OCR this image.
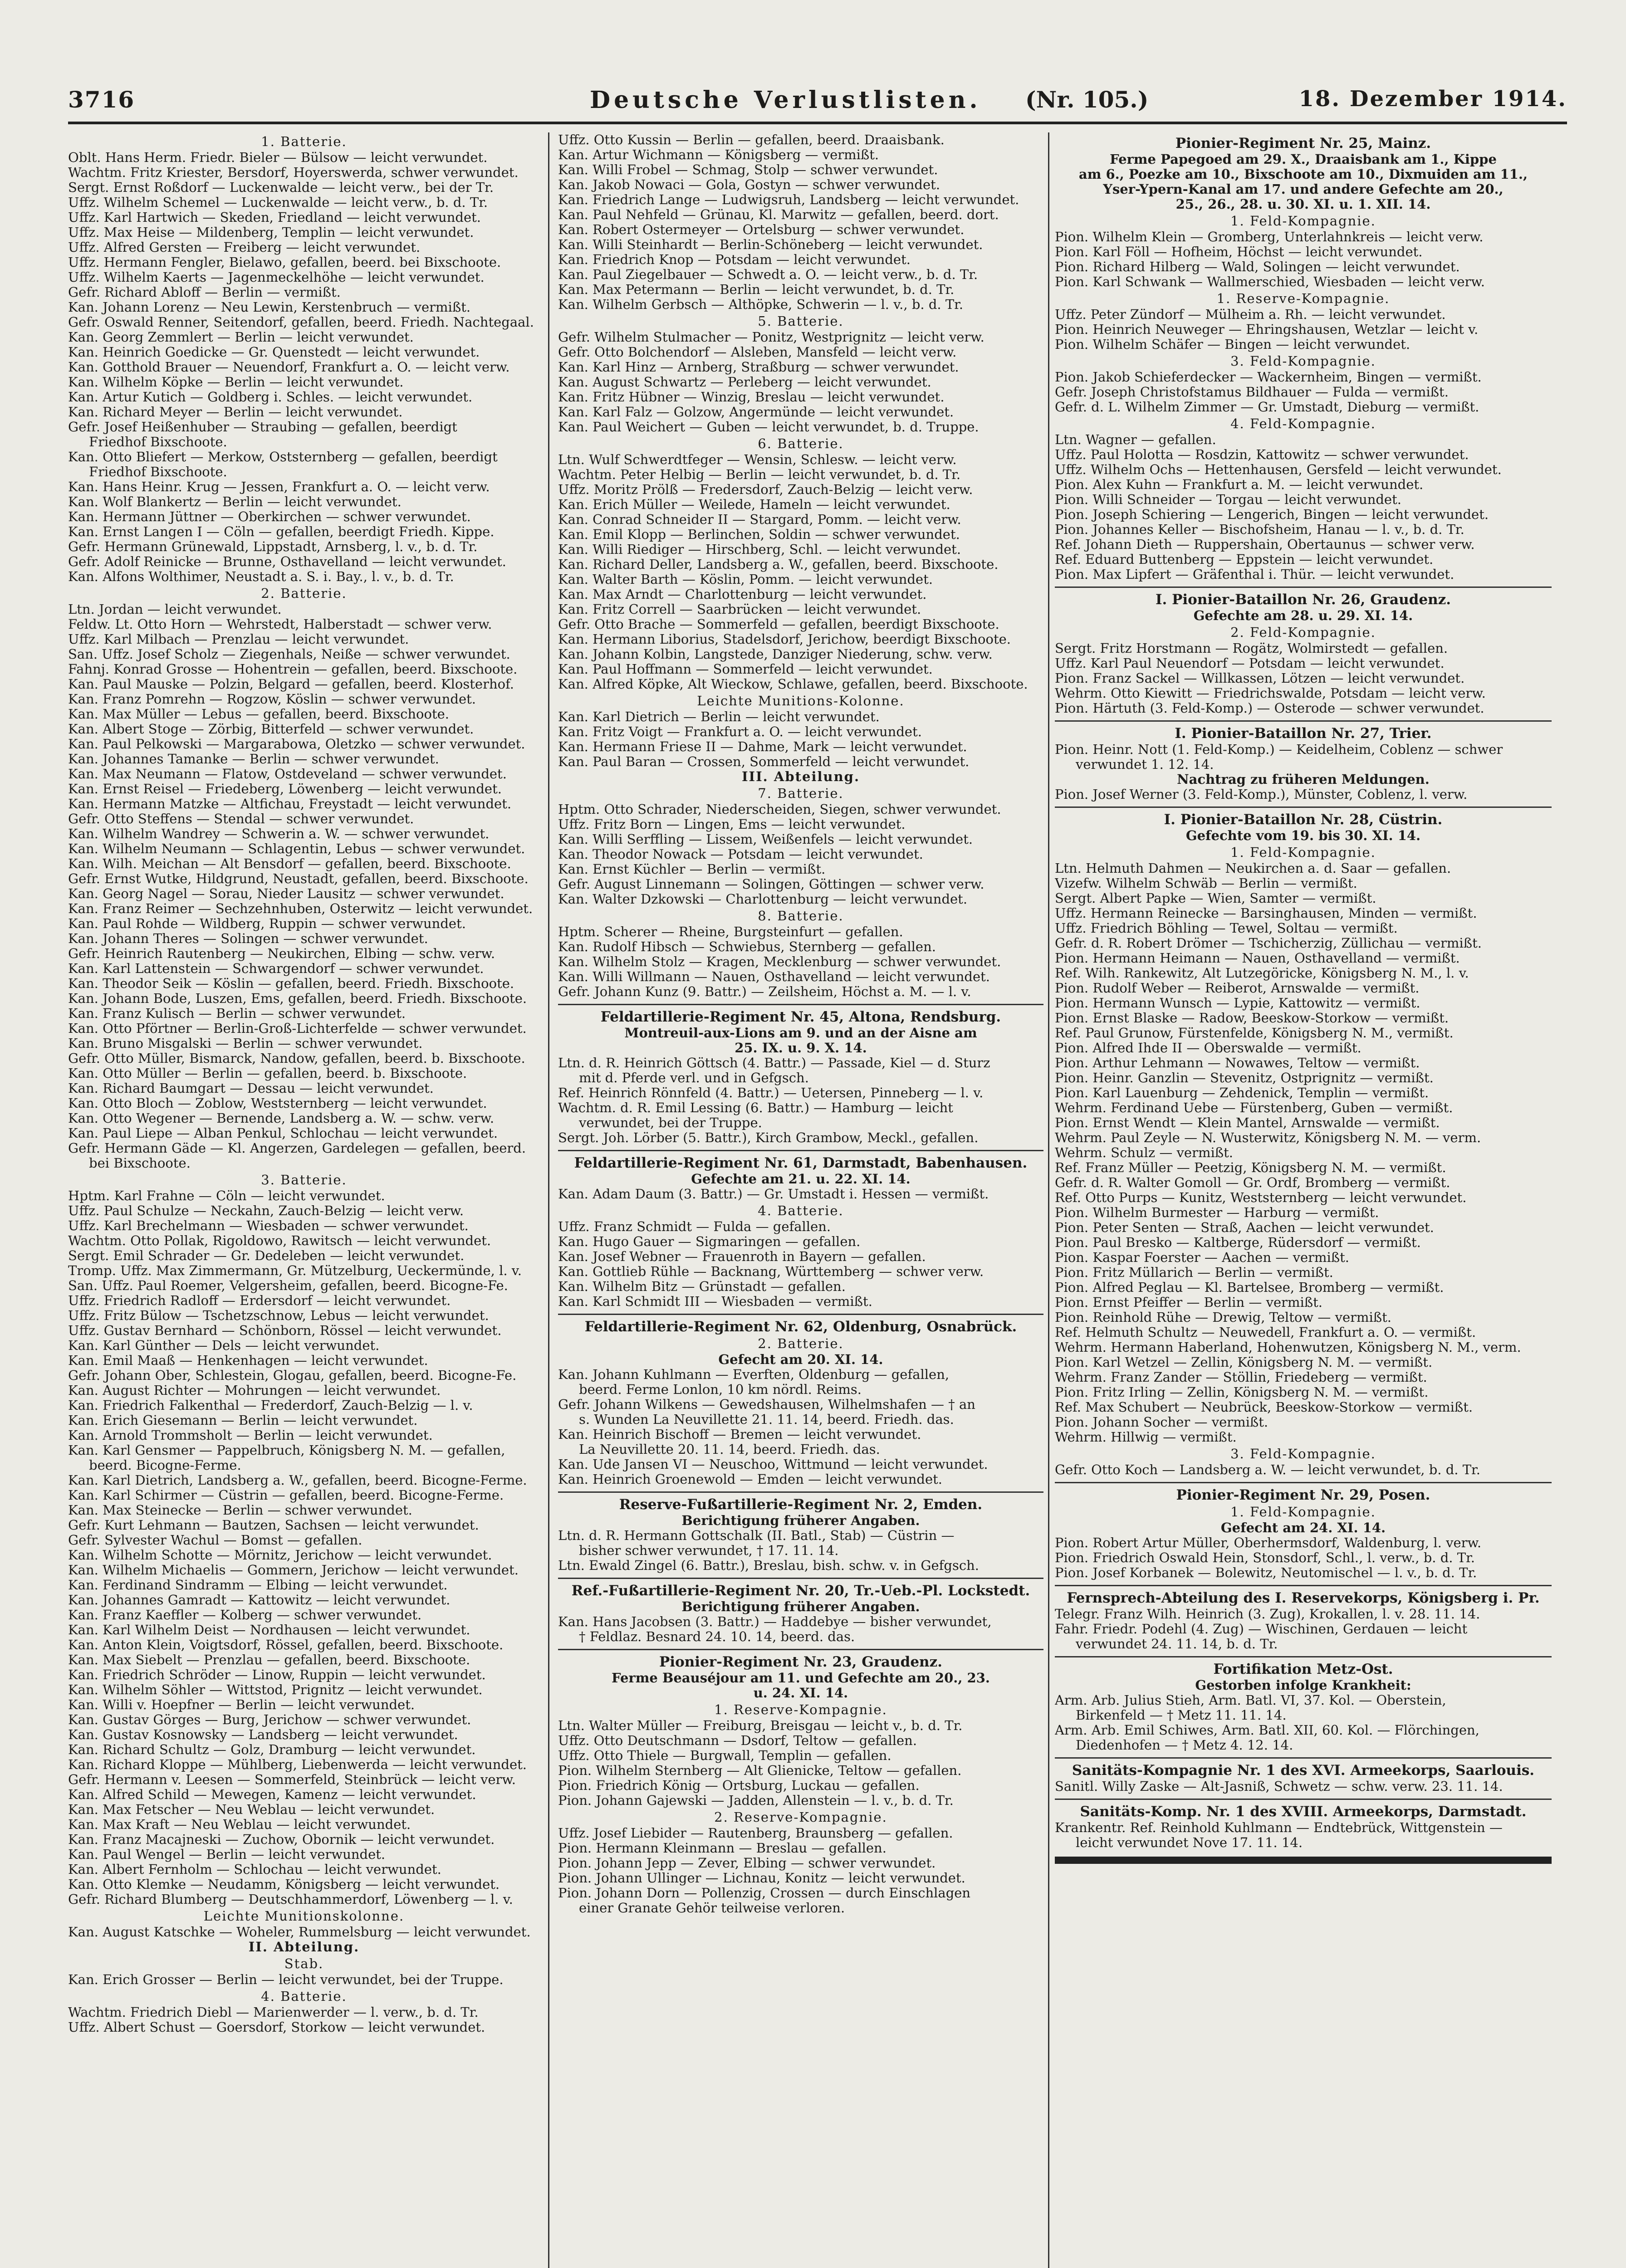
3716	Deutsche Verlustlisten. (Nr. 105.)	18. Dezember 1914.
1. Batterie.
Oblt. Hans Herm. Friedr. Bieler — Bülsow — leicht verwundet.
Wachtm. Fritz Kriester, Bersdorf, Hoyerswerda, schwer verwundet.
Sergt. Ernst Roßdorf — Luckenwalde — leicht verw., bei der Tr.
Uffz. Wilhelm Schemel — Luckenwalde — leicht verw., b. d. Tr.
Uffz. Karl Hartwich — Skeden, Friedland — leicht verwundet.
Uffz. Max Heise — Mildenberg, Templin — leicht verwundet.
Uffz. Alfred Gersten — Freiberg — leicht verwundet.
Uffz. Hermann Fengler, Bielawo, gefallen, beerd. bei Bixschoote.
Uffz. Wilhelm Kaerts — Jagenmeckelhöhe — leicht verwundet.
Gefr. Richard Abloff — Berlin — vermißt.
Kan. Johann Lorenz — Neu Lewin, Kerstenbruch — vermißt.
Gefr. Oswald Renner, Seitendorf, gefallen, beerd. Friedh. Nachtegaal.
Kan. Georg Zemmlert — Berlin — leicht verwundet.
Kan. Heinrich Goedicke — Gr. Quenstedt — leicht verwundet.
Kan. Gotthold Brauer — Neuendorf, Frankfurt a. O. — leicht verw.
Kan. Wilhelm Köpke — Berlin — leicht verwundet.
Kan. Artur Kutich — Goldberg i. Schles. — leicht verwundet.
Kan. Richard Meyer — Berlin — leicht verwundet.
Gefr. Josef Heißenhuber — Straubing — gefallen, beerdigt
Friedhof Bixschoote.
Kan. Otto Bliefert — Merkow, Oststernberg — gefallen, beerdigt
Friedhof Bixschoote.
Kan. Hans Heinr. Krug — Jessen, Frankfurt a. O. — leicht verw.
Kan. Wolf Blankertz — Berlin — leicht verwundet.
Kan. Hermann Jüttner — Oberkirchen — schwer verwundet.
Kan. Ernst Langen I — Cöln — gefallen, beerdigt Friedh. Kippe.
Gefr. Hermann Grünewald, Lippstadt, Arnsberg, l. v., b. d. Tr.
Gefr. Adolf Reinicke — Brunne, Osthavelland — leicht verwundet.
Kan. Alfons Wolthimer, Neustadt a. S. i. Bay., l. v., b. d. Tr.
2. Batterie.
Ltn. Jordan — leicht verwundet.
Feldw. Lt. Otto Horn — Wehrstedt, Halberstadt — schwer verw.
Uffz. Karl Milbach — Prenzlau — leicht verwundet.
San. Uffz. Josef Scholz — Ziegenhals, Neiße — schwer verwundet.
Fahnj. Konrad Grosse — Hohentrein — gefallen, beerd. Bixschoote.
Kan. Paul Mauske — Polzin, Belgard — gefallen, beerd. Klosterhof.
Kan. Franz Pomrehn — Rogzow, Köslin — schwer verwundet.
Kan. Max Müller — Lebus — gefallen, beerd. Bixschoote.
Kan. Albert Stoge — Zörbig, Bitterfeld — schwer verwundet.
Kan. Paul Pelkowski — Margarabowa, Oletzko — schwer verwundet.
Kan. Johannes Tamanke — Berlin — schwer verwundet.
Kan. Max Neumann — Flatow, Ostdeveland — schwer verwundet.
Kan. Ernst Reisel — Friedeberg, Löwenberg — leicht verwundet.
Kan. Hermann Matzke — Altfichau, Freystadt — leicht verwundet.
Gefr. Otto Steffens — Stendal — schwer verwundet.
Kan. Wilhelm Wandrey — Schwerin a. W. — schwer verwundet.
Kan. Wilhelm Neumann — Schlagentin, Lebus — schwer verwundet.
Kan. Wilh. Meichan — Alt Bensdorf — gefallen, beerd. Bixschoote.
Gefr. Ernst Wutke, Hildgrund, Neustadt, gefallen, beerd. Bixschoote.
Kan. Georg Nagel — Sorau, Nieder Lausitz — schwer verwundet.
Kan. Franz Reimer — Sechzehnhuben, Osterwitz — leicht verwundet.
Kan. Paul Rohde — Wildberg, Ruppin — schwer verwundet.
Kan. Johann Theres — Solingen — schwer verwundet.
Gefr. Heinrich Rautenberg — Neukirchen, Elbing — schw. verw.
Kan. Karl Lattenstein — Schwargendorf — schwer verwundet.
Kan. Theodor Seik — Köslin — gefallen, beerd. Friedh. Bixschoote.
Kan. Johann Bode, Luszen, Ems, gefallen, beerd. Friedh. Bixschoote.
Kan. Franz Kulisch — Berlin — schwer verwundet.
Kan. Otto Pförtner — Berlin-Groß-Lichterfelde — schwer verwundet.
Kan. Bruno Misgalski — Berlin — schwer verwundet.
Gefr. Otto Müller, Bismarck, Nandow, gefallen, beerd. b. Bixschoote.
Kan. Otto Müller — Berlin — gefallen, beerd. b. Bixschoote.
Kan. Richard Baumgart — Dessau — leicht verwundet.
Kan. Otto Bloch — Zoblow, Weststernberg — leicht verwundet.
Kan. Otto Wegener — Bernende, Landsberg a. W. — schw. verw.
Kan. Paul Liepe — Alban Penkul, Schlochau — leicht verwundet.
Gefr. Hermann Gäde — Kl. Angerzen, Gardelegen — gefallen, beerd.
bei Bixschoote.
3. Batterie.
Hptm. Karl Frahne — Cöln — leicht verwundet.
Uffz. Paul Schulze — Neckahn, Zauch-Belzig — leicht verw.
Uffz. Karl Brechelmann — Wiesbaden — schwer verwundet.
Wachtm. Otto Pollak, Rigoldowo, Rawitsch — leicht verwundet.
Sergt. Emil Schrader — Gr. Dedeleben — leicht verwundet.
Tromp. Uffz. Max Zimmermann, Gr. Mützelburg, Ueckermünde, l. v.
San. Uffz. Paul Roemer, Velgersheim, gefallen, beerd. Bicogne-Fe.
Uffz. Friedrich Radloff — Erdersdorf — leicht verwundet.
Uffz. Fritz Bülow — Tschetzschnow, Lebus — leicht verwundet.
Uffz. Gustav Bernhard — Schönborn, Rössel — leicht verwundet.
Kan. Karl Günther — Dels — leicht verwundet.
Kan. Emil Maaß — Henkenhagen — leicht verwundet.
Gefr. Johann Ober, Schlestein, Glogau, gefallen, beerd. Bicogne-Fe.
Kan. August Richter — Mohrungen — leicht verwundet.
Kan. Friedrich Falkenthal — Frederdorf, Zauch-Belzig — l. v.
Kan. Erich Giesemann — Berlin — leicht verwundet.
Kan. Arnold Trommsholt — Berlin — leicht verwundet.
Kan. Karl Gensmer — Pappelbruch, Königsberg N. M. — gefallen,
beerd. Bicogne-Ferme.
Kan. Karl Dietrich, Landsberg a. W., gefallen, beerd. Bicogne-Ferme.
Kan. Karl Schirmer — Cüstrin — gefallen, beerd. Bicogne-Ferme.
Kan. Max Steinecke — Berlin — schwer verwundet.
Gefr. Kurt Lehmann — Bautzen, Sachsen — leicht verwundet.
Gefr. Sylvester Wachul — Bomst — gefallen.
Kan. Wilhelm Schotte — Mörnitz, Jerichow — leicht verwundet.
Kan. Wilhelm Michaelis — Gommern, Jerichow — leicht verwundet.
Kan. Ferdinand Sindramm — Elbing — leicht verwundet.
Kan. Johannes Gamradt — Kattowitz — leicht verwundet.
Kan. Franz Kaeffler — Kolberg — schwer verwundet.
Kan. Karl Wilhelm Deist — Nordhausen — leicht verwundet.
Kan. Anton Klein, Voigtsdorf, Rössel, gefallen, beerd. Bixschoote.
Kan. Max Siebelt — Prenzlau — gefallen, beerd. Bixschoote.
Kan. Friedrich Schröder — Linow, Ruppin — leicht verwundet.
Kan. Wilhelm Söhler — Wittstod, Prignitz — leicht verwundet.
Kan. Willi v. Hoepfner — Berlin — leicht verwundet.
Kan. Gustav Görges — Burg, Jerichow — schwer verwundet.
Kan. Gustav Kosnowsky — Landsberg — leicht verwundet.
Kan. Richard Schultz — Golz, Dramburg — leicht verwundet.
Kan. Richard Kloppe — Mühlberg, Liebenwerda — leicht verwundet.
Gefr. Hermann v. Leesen — Sommerfeld, Steinbrück — leicht verw.
Kan. Alfred Schild — Mewegen, Kamenz — leicht verwundet.
Kan. Max Fetscher — Neu Weblau — leicht verwundet.
Kan. Max Kraft — Neu Weblau — leicht verwundet.
Kan. Franz Macajneski — Zuchow, Obornik — leicht verwundet.
Kan. Paul Wengel — Berlin — leicht verwundet.
Kan. Albert Fernholm — Schlochau — leicht verwundet.
Kan. Otto Klemke — Neudamm, Königsberg — leicht verwundet.
Gefr. Richard Blumberg — Deutschhammerdorf, Löwenberg — l. v.
Leichte Munitionskolonne.
Kan. August Katschke — Woheler, Rummelsburg — leicht verwundet.
II. Abteilung.
Stab.
Kan. Erich Grosser — Berlin — leicht verwundet, bei der Truppe.
4. Batterie.
Wachtm. Friedrich Diebl — Marienwerder — l. verw., b. d. Tr.
Uffz. Albert Schust — Goersdorf, Storkow — leicht verwundet.
Uffz. Otto Kussin — Berlin — gefallen, beerd. Draaisbank.
Kan. Artur Wichmann — Königsberg — vermißt.
Kan. Willi Frobel — Schmag, Stolp — schwer verwundet.
Kan. Jakob Nowaci — Gola, Gostyn — schwer verwundet.
Kan. Friedrich Lange — Ludwigsruh, Landsberg — leicht verwundet.
Kan. Paul Nehfeld — Grünau, Kl. Marwitz — gefallen, beerd. dort.
Kan. Robert Ostermeyer — Ortelsburg — schwer verwundet.
Kan. Willi Steinhardt — Berlin-Schöneberg — leicht verwundet.
Kan. Friedrich Knop — Potsdam — leicht verwundet.
Kan. Paul Ziegelbauer — Schwedt a. O. — leicht verw., b. d. Tr.
Kan. Max Petermann — Berlin — leicht verwundet, b. d. Tr.
Kan. Wilhelm Gerbsch — Althöpke, Schwerin — l. v., b. d. Tr.
5. Batterie.
Gefr. Wilhelm Stulmacher — Ponitz, Westprignitz — leicht verw.
Gefr. Otto Bolchendorf — Alsleben, Mansfeld — leicht verw.
Kan. Karl Hinz — Arnberg, Straßburg — schwer verwundet.
Kan. August Schwartz — Perleberg — leicht verwundet.
Kan. Fritz Hübner — Winzig, Breslau — leicht verwundet.
Kan. Karl Falz — Golzow, Angermünde — leicht verwundet.
Kan. Paul Weichert — Guben — leicht verwundet, b. d. Truppe.
6. Batterie.
Ltn. Wulf Schwerdtfeger — Wensin, Schlesw. — leicht verw.
Wachtm. Peter Helbig — Berlin — leicht verwundet, b. d. Tr.
Uffz. Moritz Prölß — Fredersdorf, Zauch-Belzig — leicht verw.
Kan. Erich Müller — Weilede, Hameln — leicht verwundet.
Kan. Conrad Schneider II — Stargard, Pomm. — leicht verw.
Kan. Emil Klopp — Berlinchen, Soldin — schwer verwundet.
Kan. Willi Riediger — Hirschberg, Schl. — leicht verwundet.
Kan. Richard Deller, Landsberg a. W., gefallen, beerd. Bixschoote.
Kan. Walter Barth — Köslin, Pomm. — leicht verwundet.
Kan. Max Arndt — Charlottenburg — leicht verwundet.
Kan. Fritz Correll — Saarbrücken — leicht verwundet.
Gefr. Otto Brache — Sommerfeld — gefallen, beerdigt Bixschoote.
Kan. Hermann Liborius, Stadelsdorf, Jerichow, beerdigt Bixschoote.
Kan. Johann Kolbin, Langstede, Danziger Niederung, schw. verw.
Kan. Paul Hoffmann — Sommerfeld — leicht verwundet.
Kan. Alfred Köpke, Alt Wieckow, Schlawe, gefallen, beerd. Bixschoote.
Leichte Munitions-Kolonne.
Kan. Karl Dietrich — Berlin — leicht verwundet.
Kan. Fritz Voigt — Frankfurt a. O. — leicht verwundet.
Kan. Hermann Friese II — Dahme, Mark — leicht verwundet.
Kan. Paul Baran — Crossen, Sommerfeld — leicht verwundet.
III. Abteilung.
7. Batterie.
Hptm. Otto Schrader, Niederscheiden, Siegen, schwer verwundet.
Uffz. Fritz Born — Lingen, Ems — leicht verwundet.
Kan. Willi Serffling — Lissem, Weißenfels — leicht verwundet.
Kan. Theodor Nowack — Potsdam — leicht verwundet.
Kan. Ernst Küchler — Berlin — vermißt.
Gefr. August Linnemann — Solingen, Göttingen — schwer verw.
Kan. Walter Dzkowski — Charlottenburg — leicht verwundet.
8. Batterie.
Hptm. Scherer — Rheine, Burgsteinfurt — gefallen.
Kan. Rudolf Hibsch — Schwiebus, Sternberg — gefallen.
Kan. Wilhelm Stolz — Kragen, Mecklenburg — schwer verwundet.
Kan. Willi Willmann — Nauen, Osthavelland — leicht verwundet.
Gefr. Johann Kunz (9. Battr.) — Zeilsheim, Höchst a. M. — l. v.
Feldartillerie-Regiment Nr. 45, Altona, Rendsburg.
Montreuil-aux-Lions am 9. und an der Aisne am
25. IX. u. 9. X. 14.
Ltn. d. R. Heinrich Göttsch (4. Battr.) — Passade, Kiel — d. Sturz
mit d. Pferde verl. und in Gefgsch.
Ref. Heinrich Rönnfeld (4. Battr.) — Uetersen, Pinneberg — l. v.
Wachtm. d. R. Emil Lessing (6. Battr.) — Hamburg — leicht
verwundet, bei der Truppe.
Sergt. Joh. Lörber (5. Battr.), Kirch Grambow, Meckl., gefallen.
Feldartillerie-Regiment Nr. 61, Darmstadt, Babenhausen.
Gefechte am 21. u. 22. XI. 14.
Kan. Adam Daum (3. Battr.) — Gr. Umstadt i. Hessen — vermißt.
4. Batterie.
Uffz. Franz Schmidt — Fulda — gefallen.
Kan. Hugo Gauer — Sigmaringen — gefallen.
Kan. Josef Webner — Frauenroth in Bayern — gefallen.
Kan. Gottlieb Rühle — Backnang, Württemberg — schwer verw.
Kan. Wilhelm Bitz — Grünstadt — gefallen.
Kan. Karl Schmidt III — Wiesbaden — vermißt.
Feldartillerie-Regiment Nr. 62, Oldenburg, Osnabrück.
2. Batterie.
Gefecht am 20. XI. 14.
Kan. Johann Kuhlmann — Everften, Oldenburg — gefallen,
beerd. Ferme Lonlon, 10 km nördl. Reims.
Gefr. Johann Wilkens — Gewedshausen, Wilhelmshafen — † an
s. Wunden La Neuvillette 21. 11. 14, beerd. Friedh. das.
Kan. Heinrich Bischoff — Bremen — leicht verwundet.
La Neuvillette 20. 11. 14, beerd. Friedh. das.
Kan. Ude Jansen VI — Neuschoo, Wittmund — leicht verwundet.
Kan. Heinrich Groenewold — Emden — leicht verwundet.
Reserve-Fußartillerie-Regiment Nr. 2, Emden.
Berichtigung früherer Angaben.
Ltn. d. R. Hermann Gottschalk (II. Batl., Stab) — Cüstrin —
bisher schwer verwundet, † 17. 11. 14.
Ltn. Ewald Zingel (6. Battr.), Breslau, bish. schw. v. in Gefgsch.
Ref.-Fußartillerie-Regiment Nr. 20, Tr.-Ueb.-Pl. Lockstedt.
Berichtigung früherer Angaben.
Kan. Hans Jacobsen (3. Battr.) — Haddebye — bisher verwundet,
† Feldlaz. Besnard 24. 10. 14, beerd. das.
Pionier-Regiment Nr. 23, Graudenz.
Ferme Beauséjour am 11. und Gefechte am 20., 23.
u. 24. XI. 14.
1. Reserve-Kompagnie.
Ltn. Walter Müller — Freiburg, Breisgau — leicht v., b. d. Tr.
Uffz. Otto Deutschmann — Dsdorf, Teltow — gefallen.
Uffz. Otto Thiele — Burgwall, Templin — gefallen.
Pion. Wilhelm Sternberg — Alt Glienicke, Teltow — gefallen.
Pion. Friedrich König — Ortsburg, Luckau — gefallen.
Pion. Johann Gajewski — Jadden, Allenstein — l. v., b. d. Tr.
2. Reserve-Kompagnie.
Uffz. Josef Liebider — Rautenberg, Braunsberg — gefallen.
Pion. Hermann Kleinmann — Breslau — gefallen.
Pion. Johann Jepp — Zever, Elbing — schwer verwundet.
Pion. Johann Ullinger — Lichnau, Konitz — leicht verwundet.
Pion. Johann Dorn — Pollenzig, Crossen — durch Einschlagen
einer Granate Gehör teilweise verloren.
Pionier-Regiment Nr. 25, Mainz.
Ferme Papegoed am 29. X., Draaisbank am 1., Kippe
am 6., Poezke am 10., Bixschoote am 10., Dixmuiden am 11.,
Yser-Ypern-Kanal am 17. und andere Gefechte am 20.,
25., 26., 28. u. 30. XI. u. 1. XII. 14.
1. Feld-Kompagnie.
Pion. Wilhelm Klein — Gromberg, Unterlahnkreis — leicht verw.
Pion. Karl Föll — Hofheim, Höchst — leicht verwundet.
Pion. Richard Hilberg — Wald, Solingen — leicht verwundet.
Pion. Karl Schwank — Wallmerschied, Wiesbaden — leicht verw.
1. Reserve-Kompagnie.
Uffz. Peter Zündorf — Mülheim a. Rh. — leicht verwundet.
Pion. Heinrich Neuweger — Ehringshausen, Wetzlar — leicht v.
Pion. Wilhelm Schäfer — Bingen — leicht verwundet.
3. Feld-Kompagnie.
Pion. Jakob Schieferdecker — Wackernheim, Bingen — vermißt.
Gefr. Joseph Christofstamus Bildhauer — Fulda — vermißt.
Gefr. d. L. Wilhelm Zimmer — Gr. Umstadt, Dieburg — vermißt.
4. Feld-Kompagnie.
Ltn. Wagner — gefallen.
Uffz. Paul Holotta — Rosdzin, Kattowitz — schwer verwundet.
Uffz. Wilhelm Ochs — Hettenhausen, Gersfeld — leicht verwundet.
Pion. Alex Kuhn — Frankfurt a. M. — leicht verwundet.
Pion. Willi Schneider — Torgau — leicht verwundet.
Pion. Joseph Schiering — Lengerich, Bingen — leicht verwundet.
Pion. Johannes Keller — Bischofsheim, Hanau — l. v., b. d. Tr.
Ref. Johann Dieth — Ruppershain, Obertaunus — schwer verw.
Ref. Eduard Buttenberg — Eppstein — leicht verwundet.
Pion. Max Lipfert — Gräfenthal i. Thür. — leicht verwundet.
I. Pionier-Bataillon Nr. 26, Graudenz.
Gefechte am 28. u. 29. XI. 14.
2. Feld-Kompagnie.
Sergt. Fritz Horstmann — Rogätz, Wolmirstedt — gefallen.
Uffz. Karl Paul Neuendorf — Potsdam — leicht verwundet.
Pion. Franz Sackel — Willkassen, Lötzen — leicht verwundet.
Wehrm. Otto Kiewitt — Friedrichswalde, Potsdam — leicht verw.
Pion. Härtuth (3. Feld-Komp.) — Osterode — schwer verwundet.
I. Pionier-Bataillon Nr. 27, Trier.
Pion. Heinr. Nott (1. Feld-Komp.) — Keidelheim, Coblenz — schwer
verwundet 1. 12. 14.
Nachtrag zu früheren Meldungen.
Pion. Josef Werner (3. Feld-Komp.), Münster, Coblenz, l. verw.
I. Pionier-Bataillon Nr. 28, Cüstrin.
Gefechte vom 19. bis 30. XI. 14.
1. Feld-Kompagnie.
Ltn. Helmuth Dahmen — Neukirchen a. d. Saar — gefallen.
Vizefw. Wilhelm Schwäb — Berlin — vermißt.
Sergt. Albert Papke — Wien, Samter — vermißt.
Uffz. Hermann Reinecke — Barsinghausen, Minden — vermißt.
Uffz. Friedrich Böhling — Tewel, Soltau — vermißt.
Gefr. d. R. Robert Drömer — Tschicherzig, Züllichau — vermißt.
Pion. Hermann Heimann — Nauen, Osthavelland — vermißt.
Ref. Wilh. Rankewitz, Alt Lutzegöricke, Königsberg N. M., l. v.
Pion. Rudolf Weber — Reiberot, Arnswalde — vermißt.
Pion. Hermann Wunsch — Lypie, Kattowitz — vermißt.
Pion. Ernst Blaske — Radow, Beeskow-Storkow — vermißt.
Ref. Paul Grunow, Fürstenfelde, Königsberg N. M., vermißt.
Pion. Alfred Ihde II — Oberswalde — vermißt.
Pion. Arthur Lehmann — Nowawes, Teltow — vermißt.
Pion. Heinr. Ganzlin — Stevenitz, Ostprignitz — vermißt.
Pion. Karl Lauenburg — Zehdenick, Templin — vermißt.
Wehrm. Ferdinand Uebe — Fürstenberg, Guben — vermißt.
Pion. Ernst Wendt — Klein Mantel, Arnswalde — vermißt.
Wehrm. Paul Zeyle — N. Wusterwitz, Königsberg N. M. — verm.
Wehrm. Schulz — vermißt.
Ref. Franz Müller — Peetzig, Königsberg N. M. — vermißt.
Gefr. d. R. Walter Gomoll — Gr. Ordf, Bromberg — vermißt.
Ref. Otto Purps — Kunitz, Weststernberg — leicht verwundet.
Pion. Wilhelm Burmester — Harburg — vermißt.
Pion. Peter Senten — Straß, Aachen — leicht verwundet.
Pion. Paul Bresko — Kaltberge, Rüdersdorf — vermißt.
Pion. Kaspar Foerster — Aachen — vermißt.
Pion. Fritz Müllarich — Berlin — vermißt.
Pion. Alfred Peglau — Kl. Bartelsee, Bromberg — vermißt.
Pion. Ernst Pfeiffer — Berlin — vermißt.
Pion. Reinhold Rühe — Drewig, Teltow — vermißt.
Ref. Helmuth Schultz — Neuwedell, Frankfurt a. O. — vermißt.
Wehrm. Hermann Haberland, Hohenwutzen, Königsberg N. M., verm.
Pion. Karl Wetzel — Zellin, Königsberg N. M. — vermißt.
Wehrm. Franz Zander — Stöllin, Friedeberg — vermißt.
Pion. Fritz Irling — Zellin, Königsberg N. M. — vermißt.
Ref. Max Schubert — Neubrück, Beeskow-Storkow — vermißt.
Pion. Johann Socher — vermißt.
Wehrm. Hillwig — vermißt.
3. Feld-Kompagnie.
Gefr. Otto Koch — Landsberg a. W. — leicht verwundet, b. d. Tr.
Pionier-Regiment Nr. 29, Posen.
1. Feld-Kompagnie.
Gefecht am 24. XI. 14.
Pion. Robert Artur Müller, Oberhermsdorf, Waldenburg, l. verw.
Pion. Friedrich Oswald Hein, Stonsdorf, Schl., l. verw., b. d. Tr.
Pion. Josef Korbanek — Bolewitz, Neutomischel — l. v., b. d. Tr.
Fernsprech-Abteilung des I. Reservekorps, Königsberg i. Pr.
Telegr. Franz Wilh. Heinrich (3. Zug), Krokallen, l. v. 28. 11. 14.
Fahr. Friedr. Podehl (4. Zug) — Wischinen, Gerdauen — leicht
verwundet 24. 11. 14, b. d. Tr.
Fortifikation Metz-Ost.
Gestorben infolge Krankheit:
Arm. Arb. Julius Stieh, Arm. Batl. VI, 37. Kol. — Oberstein,
Birkenfeld — † Metz 11. 11. 14.
Arm. Arb. Emil Schiwes, Arm. Batl. XII, 60. Kol. — Flörchingen,
Diedenhofen — † Metz 4. 12. 14.
Sanitäts-Kompagnie Nr. 1 des XVI. Armeekorps, Saarlouis.
Sanitl. Willy Zaske — Alt-Jasniß, Schwetz — schw. verw. 23. 11. 14.
Sanitäts-Komp. Nr. 1 des XVIII. Armeekorps, Darmstadt.
Krankentr. Ref. Reinhold Kuhlmann — Endtebrück, Wittgenstein —
leicht verwundet Nove 17. 11. 14.
